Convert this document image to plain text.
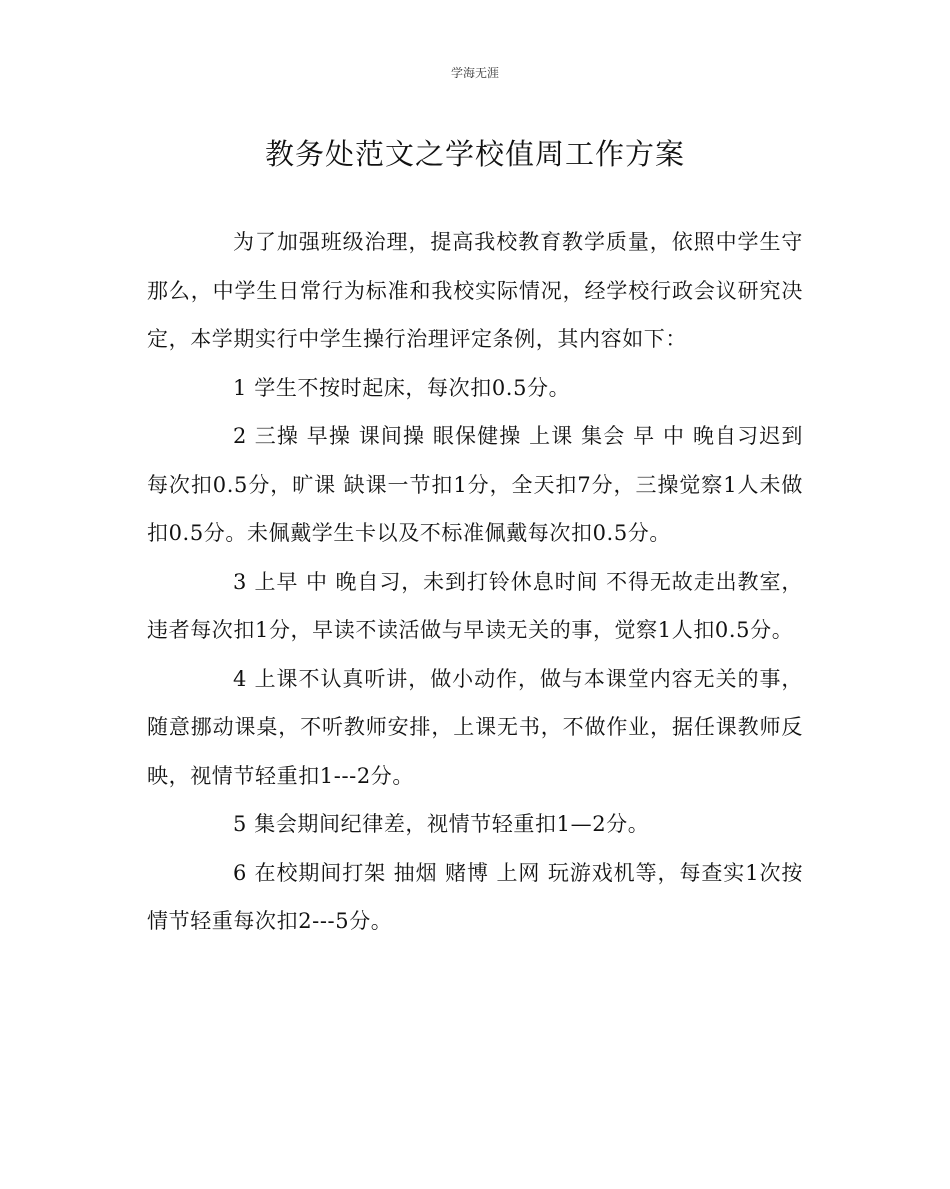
学海无涯
教务处范文之学校值周工作方案

为了加强班级治理，提高我校教育教学质量，依照中学生守那么，中学生日常行为标准和我校实际情况，经学校行政会议研究决定，本学期实行中学生操行治理评定条例，其内容如下：

1 学生不按时起床，每次扣0.5分。

2 三操 早操 课间操 眼保健操 上课 集会 早 中 晚自习迟到每次扣0.5分，旷课 缺课一节扣1分，全天扣7分，三操觉察1人未做扣0.5分。未佩戴学生卡以及不标准佩戴每次扣0.5分。

3 上早 中 晚自习，未到打铃休息时间 不得无故走出教室，违者每次扣1分，早读不读活做与早读无关的事，觉察1人扣0.5分。

4 上课不认真听讲，做小动作，做与本课堂内容无关的事，随意挪动课桌，不听教师安排，上课无书，不做作业，据任课教师反映，视情节轻重扣1---2分。

5 集会期间纪律差，视情节轻重扣1—2分。

6 在校期间打架 抽烟 赌博 上网 玩游戏机等，每查实1次按情节轻重每次扣2---5分。
